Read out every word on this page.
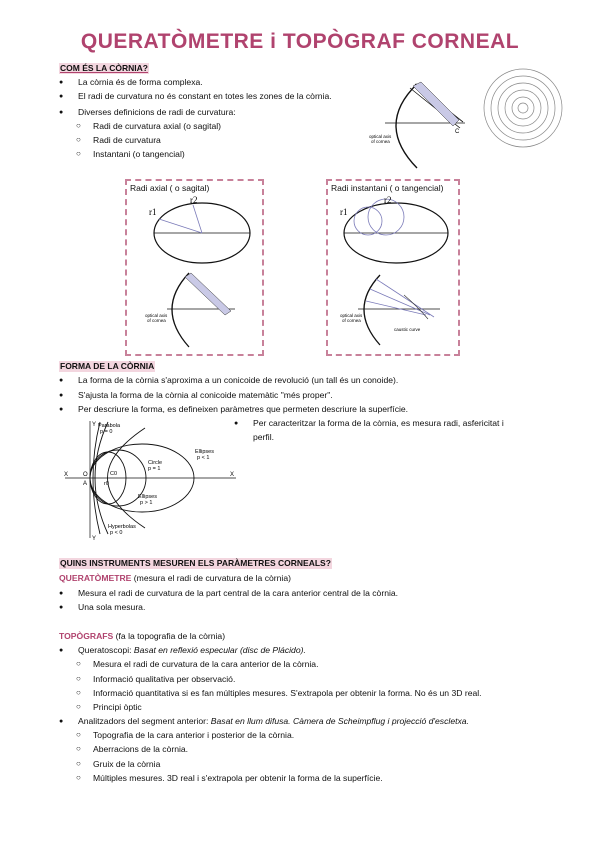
QUERATÒMETRE i TOPÒGRAF CORNEAL
COM ÉS LA CÒRNIA?
● La còrnia és de forma complexa.
● El radi de curvatura no és constant en totes les zones de la còrnia.
● Diverses definicions de radi de curvatura:
○ Radi de curvatura axial (o sagital)
○ Radi de curvatura
○ Instantani (o tangencial)
C
optical axis
of cornea
Radi axial ( o sagital)
r1
r2
optical axis
of cornea
Radi instantani ( o tangencial)
r1
r2
optical axis
of cornea
caustic curve
FORMA DE LA CÒRNIA
● La forma de la còrnia s'aproxima a un conicoide de revolució (un tall és un conoide).
● S'ajusta la forma de la còrnia al conicoide matemàtic "més proper".
● Per descriure la forma, es defineixen paràmetres que permeten descriure la superfície.
● Per caracteritzar la forma de la còrnia, es mesura radi, asfericitat i
perfil.
Parabola
p = 0
Ellipses
p < 1
Circle
p = 1
Ellipses
p > 1
Hyperbolas
p < 0
X	X
Y
Y
O
A
C0
r0
QUINS INSTRUMENTS MESUREN ELS PARÀMETRES CORNEALS?
QUERATÒMETRE (mesura el radi de curvatura de la còrnia)
● Mesura el radi de curvatura de la part central de la cara anterior central de la còrnia.
● Una sola mesura.
TOPÒGRAFS (fa la topografia de la còrnia)
● Queratoscopi: Basat en reflexió especular (disc de Plácido).
○ Mesura el radi de curvatura de la cara anterior de la còrnia.
○ Informació qualitativa per observació.
○ Informació quantitativa si es fan múltiples mesures. S'extrapola per obtenir la forma. No és un 3D real.
○ Principi òptic
● Analitzadors del segment anterior: Basat en llum difusa. Càmera de Scheimpflug i projecció d'escletxa.
○ Topografia de la cara anterior i posterior de la còrnia.
○ Aberracions de la còrnia.
○ Gruix de la còrnia
○ Múltiples mesures. 3D real i s'extrapola per obtenir la forma de la superfície.
